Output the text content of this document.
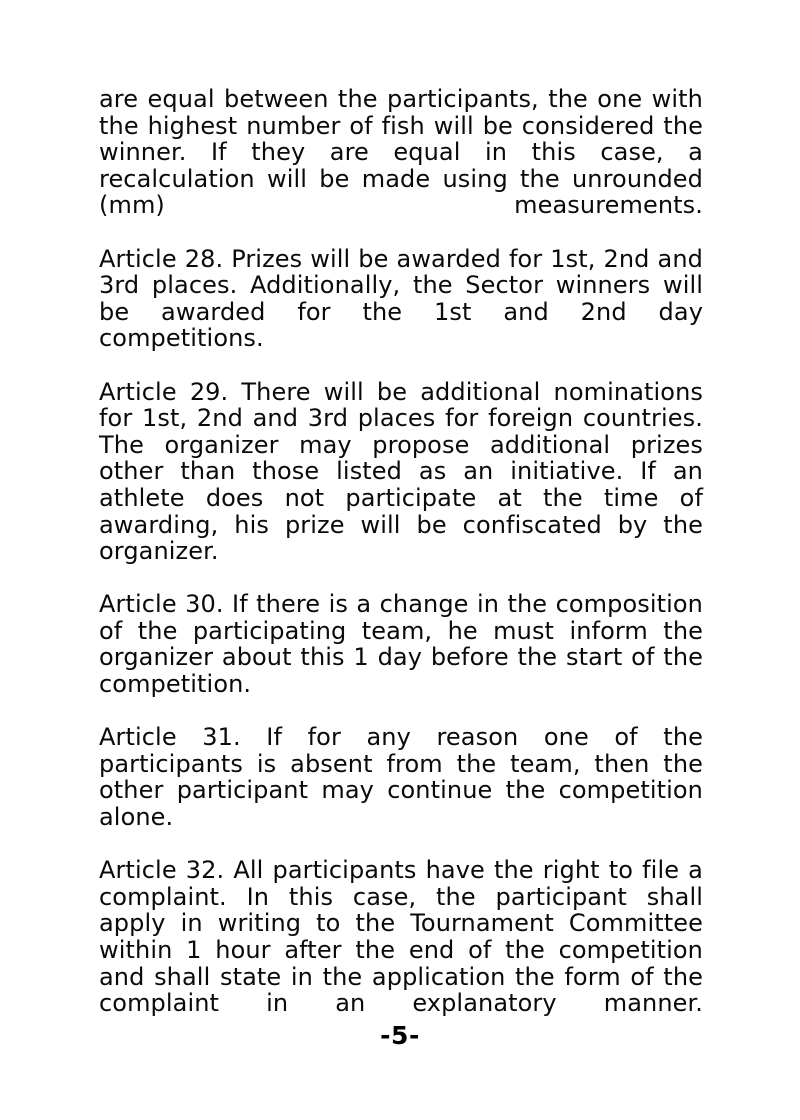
are equal between the participants, the one with the highest number of fish will be considered the winner. If they are equal in this case, a recalculation will be made using the unrounded (mm) measurements.

Article 28. Prizes will be awarded for 1st, 2nd and 3rd places. Additionally, the Sector winners will be awarded for the 1st and 2nd day competitions.

Article 29. There will be additional nominations for 1st, 2nd and 3rd places for foreign countries. The organizer may propose additional prizes other than those listed as an initiative. If an athlete does not participate at the time of awarding, his prize will be confiscated by the organizer.

Article 30. If there is a change in the composition of the participating team, he must inform the organizer about this 1 day before the start of the competition.

Article 31. If for any reason one of the participants is absent from the team, then the other participant may continue the competition alone.

Article 32. All participants have the right to file a complaint. In this case, the participant shall apply in writing to the Tournament Committee within 1 hour after the end of the competition and shall state in the application the form of the complaint in an explanatory manner.

-5-
